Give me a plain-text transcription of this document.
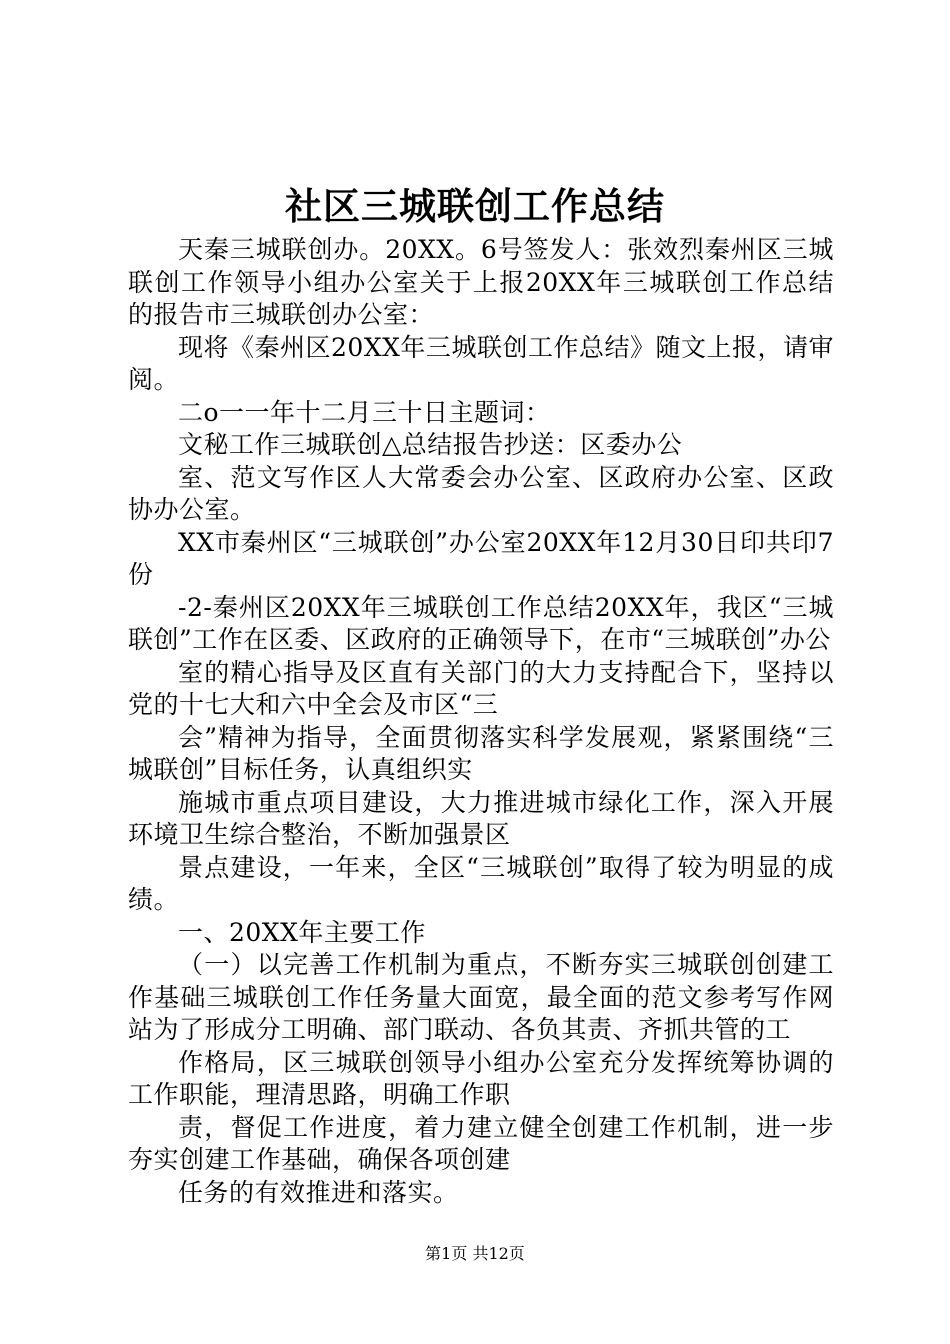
社区三城联创工作总结

天秦三城联创办。20XX。6号签发人：张效烈秦州区三城联创工作领导小组办公室关于上报20XX年三城联创工作总结的报告市三城联创办公室：

现将《秦州区20XX年三城联创工作总结》随文上报，请审阅。

二ο一一年十二月三十日主题词：

文秘工作三城联创△总结报告抄送：区委办公

室、范文写作区人大常委会办公室、区政府办公室、区政协办公室。

XX市秦州区“三城联创”办公室20XX年12月30日印共印7份

-2-秦州区20XX年三城联创工作总结20XX年，我区“三城联创”工作在区委、区政府的正确领导下，在市“三城联创”办公

室的精心指导及区直有关部门的大力支持配合下，坚持以党的十七大和六中全会及市区“三

会”精神为指导，全面贯彻落实科学发展观，紧紧围绕“三城联创”目标任务，认真组织实

施城市重点项目建设，大力推进城市绿化工作，深入开展环境卫生综合整治，不断加强景区

景点建设，一年来，全区“三城联创”取得了较为明显的成绩。

一、20XX年主要工作

（一）以完善工作机制为重点，不断夯实三城联创创建工作基础三城联创工作任务量大面宽，最全面的范文参考写作网站为了形成分工明确、部门联动、各负其责、齐抓共管的工

作格局，区三城联创领导小组办公室充分发挥统筹协调的工作职能，理清思路，明确工作职

责，督促工作进度，着力建立健全创建工作机制，进一步夯实创建工作基础，确保各项创建

任务的有效推进和落实。

第1页 共12页
